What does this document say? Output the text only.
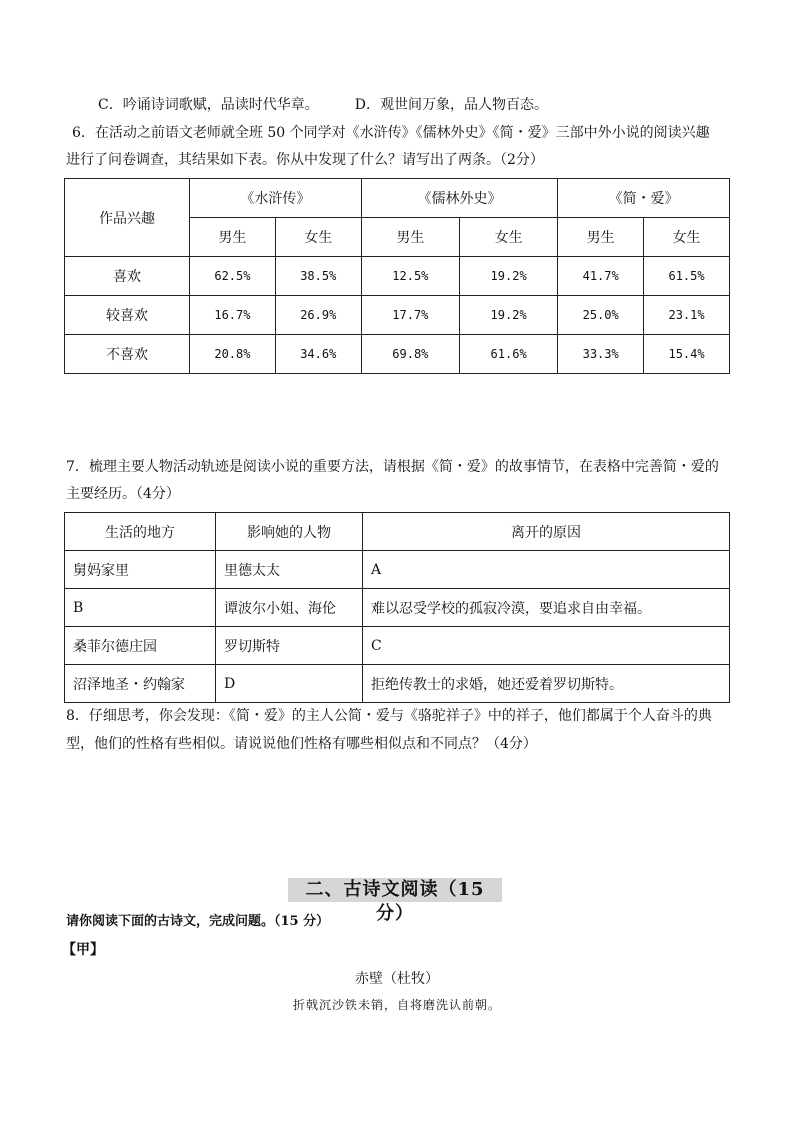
C．吟诵诗词歌赋，品读时代华章。	D．观世间万象，品人物百态。
6．在活动之前语文老师就全班 50 个同学对《水浒传》《儒林外史》《简・爱》三部中外小说的阅读兴趣
进行了问卷调查，其结果如下表。你从中发现了什么？请写出了两条。（2分）
作品兴趣	《水浒传》		《儒林外史》		《简・爱》	
	男生	女生	男生	女生	男生	女生
喜欢	62.5%	38.5%	12.5%	19.2%	41.7%	61.5%
较喜欢	16.7%	26.9%	17.7%	19.2%	25.0%	23.1%
不喜欢	20.8%	34.6%	69.8%	61.6%	33.3%	15.4%
7．梳理主要人物活动轨迹是阅读小说的重要方法，请根据《简・爱》的故事情节，在表格中完善简・爱的
主要经历。（4分）
生活的地方	影响她的人物	离开的原因
舅妈家里	里德太太	A
B	谭波尔小姐、海伦	难以忍受学校的孤寂冷漠，要追求自由幸福。
桑菲尔德庄园	罗切斯特	C
沼泽地圣・约翰家	D	拒绝传教士的求婚，她还爱着罗切斯特。
8．仔细思考，你会发现：《简・爱》的主人公简・爱与《骆驼祥子》中的祥子，他们都属于个人奋斗的典
型，他们的性格有些相似。请说说他们性格有哪些相似点和不同点？（4分）
二、古诗文阅读（15 分）
请你阅读下面的古诗文，完成问题。（15 分）
【甲】
赤壁（杜牧）
折戟沉沙铁未销，自将磨洗认前朝。
